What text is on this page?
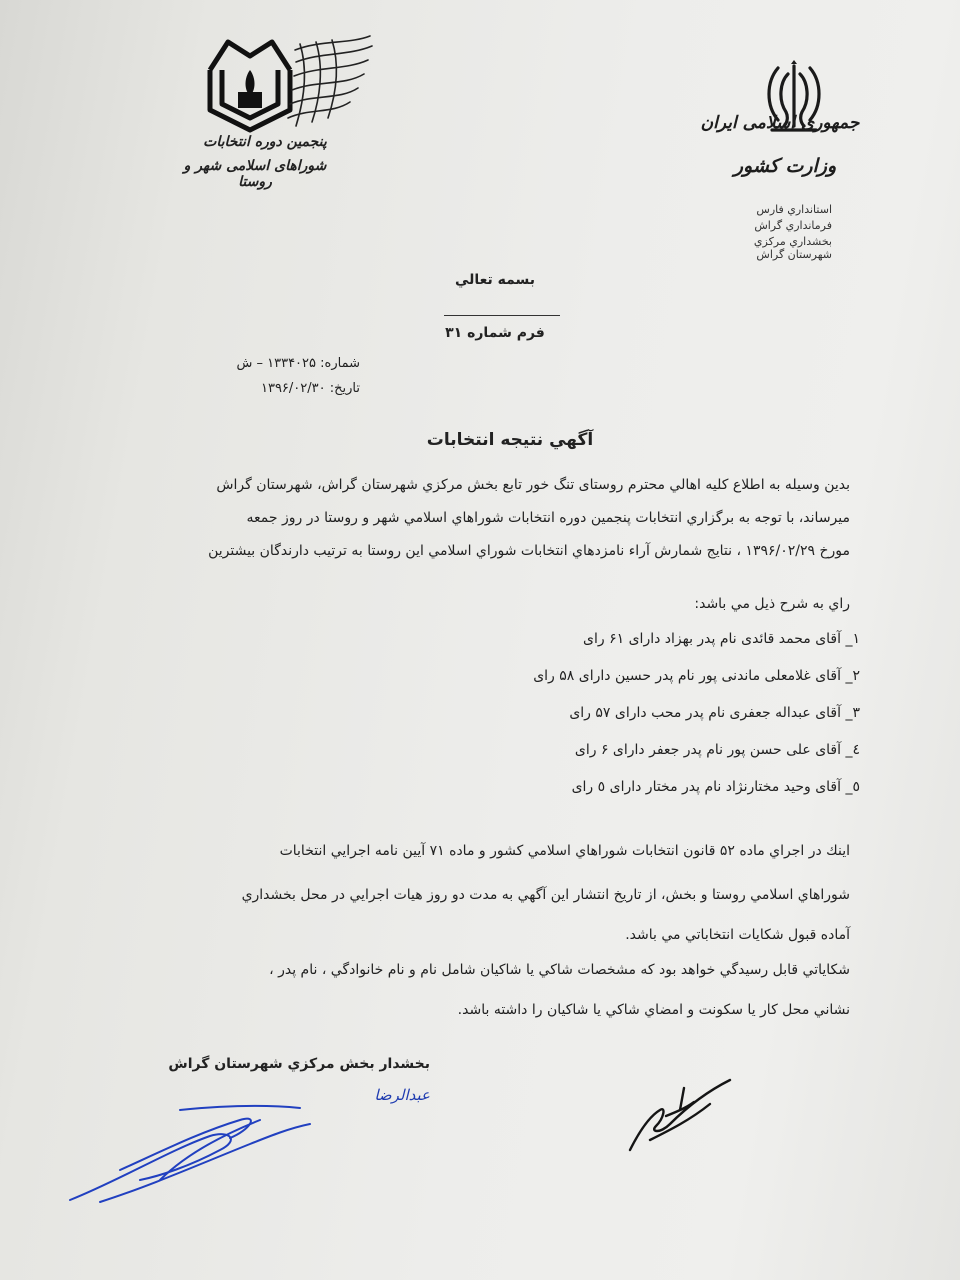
جمهوری اسلامی ایران
وزارت کشور
استانداري فارس
فرمانداري گراش
بخشداري مركزي
شهرستان گراش
پنجمین دوره انتخابات
شوراهای اسلامی شهر و روستا
بسمه تعالي
فرم شماره ۳۱
شماره: ۱۳۳۴۰۲۵ – ش
تاریخ: ۱۳۹۶/۰۲/۳۰
آگهي نتيجه انتخابات
بدین وسیله به اطلاع كليه اهالي محترم روستای تنگ خور تابع بخش مركزي شهرستان گراش، شهرستان گراش
ميرساند، با توجه به برگزاري انتخابات پنجمين دوره انتخابات شوراهاي اسلامي شهر و روستا در روز جمعه
مورخ ۱۳۹۶/۰۲/۲۹ ، نتايج شمارش آراء نامزدهاي انتخابات شوراي اسلامي اين روستا به ترتيب دارندگان بيشترين
راي به شرح ذيل مي باشد:
۱_ آقای محمد قائدی نام پدر بهزاد دارای ۶۱ رای
۲_ آقای غلامعلی ماندنی پور نام پدر حسین دارای ۵۸ رای
۳_ آقای عبداله جعفری نام پدر محب دارای ۵۷ رای
٤_ آقای علی حسن پور نام پدر جعفر دارای ۶ رای
٥_ آقای وحید مختارنژاد نام پدر مختار دارای ٥ رای
اينك در اجراي ماده ۵۲ قانون انتخابات شوراهاي اسلامي كشور و ماده ۷۱ آيين نامه اجرايي انتخابات
شوراهاي اسلامي روستا و بخش، از تاريخ انتشار اين آگهي به مدت دو روز هيات اجرايي در محل بخشداري
آماده قبول شكايات انتخاباتي مي باشد.
شكاياتي قابل رسيدگي خواهد بود كه مشخصات شاكي يا شاكيان شامل نام و نام خانوادگي ، نام پدر ،
نشاني محل كار يا سكونت و امضاي شاكي يا شاكيان را داشته باشد.
بخشدار بخش مركزي شهرستان گراش
عبدالرضا
